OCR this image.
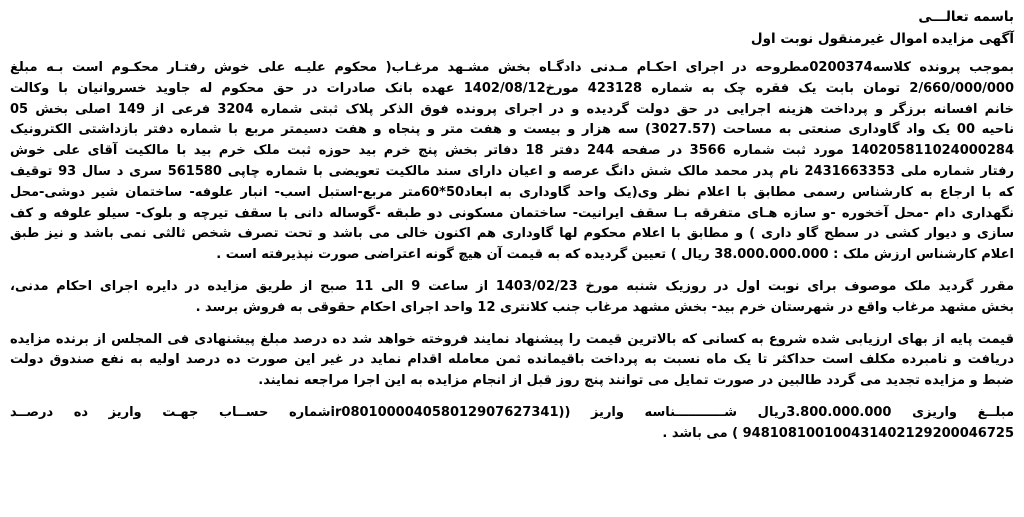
باسمه تعالـــی
آگهی مزایده اموال غیرمنقول نوبت اول
بموجب پرونده کلاسه0200374مطروحه در اجرای احکـام مـدنی دادگـاه بخش مشـهد مرغـاب( محکوم علیـه علی خوش رفتـار محکـوم است بـه مبلغ
2/660/000/000 تومان بابت یک فقره چک به شماره 423128 مورخ1402/08/12 عهده بانک صادرات در حق محکوم له جاوید خسروانیان با وکالت
خانم افسانه برزگر و پرداخت هزینه اجرایی در حق دولت گردیده و در اجرای پرونده فوق الذکر پلاک ثبتی شماره 3204 فرعی از 149 اصلی بخش 05
ناحیه 00 یک واد گاوداری صنعتی به مساحت (3027.57) سه هزار و بیست و هفت متر و پنجاه و هفت دسیمتر مربع با شماره دفتر بازداشتی الکترونیک
140205811024000284 مورد ثبت شماره 3566 در صفحه 244 دفتر 18 دفاتر بخش پنج خرم بید حوزه ثبت ملک خرم بید با مالکیت آقای علی خوش
رفتار شماره ملی 2431663353 نام پدر محمد مالک شش دانگ عرصه و اعیان دارای سند مالکیت تعویضی با شماره چاپی 561580 سری د سال 93 توقیف
که با ارجاع به کارشناس رسمی مطابق با اعلام نظر وی(یک واحد گاوداری به ابعاد50*60متر مربع-استبل اسب- انبار علوفه- ساختمان شیر دوشی-محل
نگهداری دام -محل آخخوره -و سازه هـای متفرقه بـا سقف ایرانیت- ساختمان مسکونی دو طبقه -گوساله دانی با سقف تیرچه و بلوک- سیلو علوفه و کف
سازی و دیوار کشی در سطح گاو داری ) و مطابق با اعلام محکوم لها گاوداری هم اکنون خالی می باشد و تحت تصرف شخص ثالثی نمی باشد و نیز طبق
اعلام کارشناس ارزش ملک : 38.000.000.000 ریال ) تعیین گردیده که به قیمت آن هیچ گونه اعتراضی صورت نپذیرفته است .
مقرر گردید ملک موصوف برای نوبت اول در روزیک شنبه مورخ 1403/02/23 از ساعت 9 الی 11 صبح از طریق مزایده در دایره اجرای احکام مدنی،
بخش مشهد مرغاب واقع در شهرستان خرم بید- بخش مشهد مرغاب جنب کلانتری 12 واحد اجرای احکام حقوقی به فروش برسد .
قیمت پایه از بهای ارزیابی شده شروع به کسانی که بالاترین قیمت را پیشنهاد نمایند فروخته خواهد شد ده درصد مبلغ پیشنهادی فی المجلس از برنده مزایده
دریافت و نامبرده مکلف است حداکثر تا یک ماه نسبت به پرداخت باقیمانده ثمن معامله اقدام نماید در غیر این صورت ده درصد اولیه به نفع صندوق دولت
ضبط و مزایده تجدید می گردد طالبین در صورت تمایل می توانند پنج روز قبل از انجام مزایده به این اجرا مراجعه نمایند.
مبلــغ واریزی 3.800.000.000ریال شـــــــــــناسه واریز ((ir080100004058012907627341شماره حســاب جهـت واریز ده درصــد
9481081001004314021292000467​25 ) می باشد .
